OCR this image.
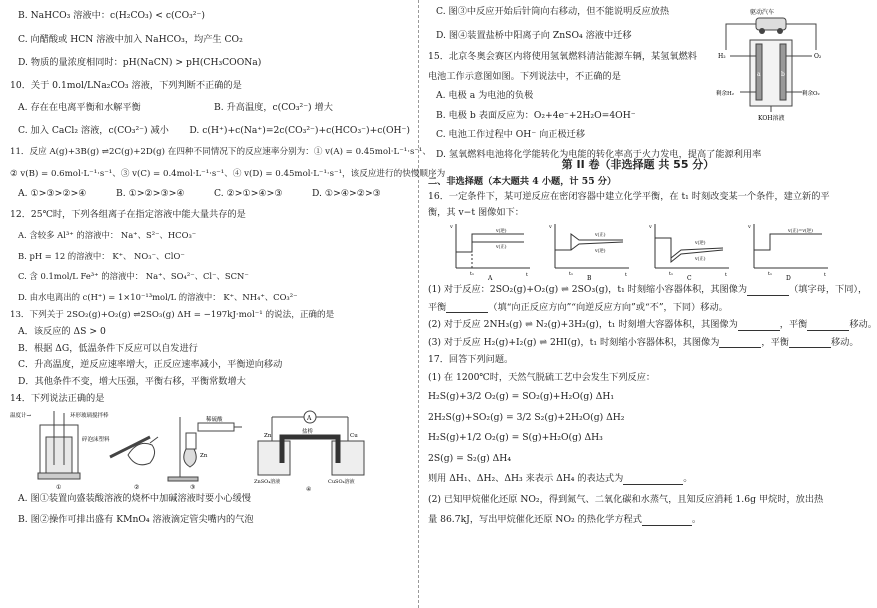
B. NaHCO₃ 溶液中：c(H₂CO₃) < c(CO₃²⁻)

C. 向醋酸或 HCN 溶液中加入 NaHCO₃，均产生 CO₂

D. 物质的量浓度相同时：pH(NaCN) > pH(CH₃COONa)

10．关于 0.1mol/LNa₂CO₃ 溶液，下列判断不正确的是

A. 存在在电离平衡和水解平衡	B. 升高温度，c(CO₃²⁻) 增大
C. 加入 CaCl₂ 溶液，c(CO₃²⁻) 减小	D. c(H⁺)+c(Na⁺)=2c(CO₃²⁻)+c(HCO₃⁻)+c(OH⁻)

11．反应 A(g)+3B(g) ⇌2C(g)+2D(g) 在四种不同情况下的反应速率分别为：① v(A) = 0.45mol·L⁻¹·s⁻¹、

② v(B) = 0.6mol·L⁻¹·s⁻¹、③ v(C) = 0.4mol·L⁻¹·s⁻¹、④ v(D) = 0.45mol·L⁻¹·s⁻¹，该反应进行的快慢顺序为

A. ①>③>②>④	B. ①>②>③>④	C. ②>①>④>③	D. ①>④>②>③

12．25℃时，下列各组离子在指定溶液中能大量共存的是

A. 含较多 Al³⁺ 的溶液中： Na⁺、S²⁻、HCO₃⁻

B. pH = 12 的溶液中： K⁺、 NO₃⁻、ClO⁻

C. 含 0.1mol/L Fe³⁺ 的溶液中： Na⁺、SO₄²⁻、Cl⁻、SCN⁻

D. 由水电离出的 c(H⁺) = 1×10⁻¹³mol/L 的溶液中： K⁺、NH₄⁺、CO₃²⁻

13．下列关于 2SO₂(g)+O₂(g) ⇌2SO₃(g) ΔH = −197kJ·mol⁻¹ 的说法，正确的是

A．该反应的 ΔS > 0

B．根据 ΔG，低温条件下反应可以自发进行

C．升高温度，逆反应速率增大，正反应速率减小，平衡逆向移动

D．其他条件不变，增大压强，平衡右移，平衡常数增大

14．下列说法正确的是

温度计→	环形玻璃搅拌棒
碎泡沫塑料
①	②
Zn
稀硫酸
③
A
盐桥
ZnSO₄溶液	CuSO₄溶液
Zn	Cu
④

A. 图①装置向盛装酸溶液的烧杯中加碱溶液时要小心缓慢

B. 图②操作可排出盛有 KMnO₄ 溶液滴定管尖嘴内的气泡

C. 图③中反应开始后针筒向右移动，但不能说明反应放热

D. 图④装置盐桥中阳离子向 ZnSO₄ 溶液中迁移

15．北京冬奥会赛区内将使用氢氧燃料清洁能源车辆，某氢氧燃料

电池工作示意图如图。下列说法中，不正确的是

A. 电极 a 为电池的负极

B. 电极 b 表面反应为：O₂+4e⁻+2H₂O=4OH⁻

C. 电池工作过程中 OH⁻ 向正极迁移

D. 氢氧燃料电池将化学能转化为电能的转化率高于火力发电，提高了能源利用率

驱动汽车
a	b
H₂	O₂
剩余H₂	剩余O₂
KOH溶液

第 II 卷（非选择题 共 55 分）

二、非选择题（本大题共 4 小题，计 55 分）

16．一定条件下，某可逆反应在密闭容器中建立化学平衡，在 t₁ 时刻改变某一个条件，建立新的平

衡，其 v−t 图像如下：

v
t
t₁
v(逆)
v(正)
A
v
t
t₁
v(正)
v(逆)
B
v
t
t₁
v(逆)
v(正)
C
v
t
t₁
v(正)=v(逆)
D

(1) 对于反应：2SO₂(g)+O₂(g) ⇌ 2SO₃(g)，t₁ 时刻缩小容器体积，其图像为	（填字母，下同），

平衡	（填“向正反应方向”“向逆反应方向”或“不”，下同）移动。

(2) 对于反应 2NH₃(g) ⇌ N₂(g)+3H₂(g)，t₁ 时刻增大容器体积，其图像为	，平衡	移动。

(3) 对于反应 H₂(g)+I₂(g) ⇌ 2HI(g)，t₁ 时刻缩小容器体积，其图像为	，平衡	移动。

17．回答下列问题。

(1) 在 1200℃时，天然气脱硫工艺中会发生下列反应：

H₂S(g)+3/2 O₂(g) = SO₂(g)+H₂O(g) ΔH₁

2H₂S(g)+SO₂(g) = 3/2 S₂(g)+2H₂O(g) ΔH₂

H₂S(g)+1/2 O₂(g) = S(g)+H₂O(g) ΔH₃

2S(g) = S₂(g) ΔH₄

则用 ΔH₁、ΔH₂、ΔH₃ 来表示 ΔH₄ 的表达式为	。

(2) 已知甲烷催化还原 NO₂，得到氮气、二氧化碳和水蒸气，且知反应消耗 1.6g 甲烷时，放出热

量 86.7kJ，写出甲烷催化还原 NO₂ 的热化学方程式	。
